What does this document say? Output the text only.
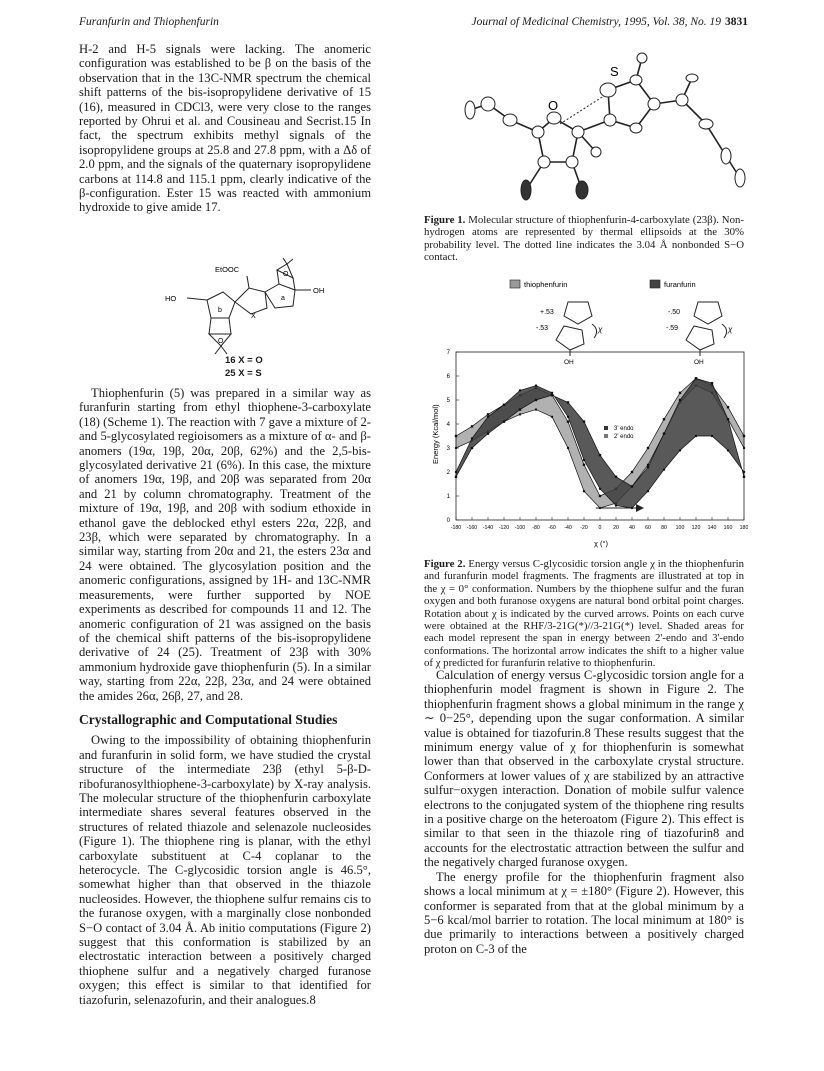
Furanfurin and Thiophenfurin	Journal of Medicinal Chemistry, 1995, Vol. 38, No. 19 3831

H-2 and H-5 signals were lacking. The anomeric configuration was established to be β on the basis of the observation that in the 13C-NMR spectrum the chemical shift patterns of the bis-isopropylidene derivative of 15 (16), measured in CDCl3, were very close to the ranges reported by Ohrui et al. and Cousineau and Secrist.15 In fact, the spectrum exhibits methyl signals of the isopropylidene groups at 25.8 and 27.8 ppm, with a Δδ of 2.0 ppm, and the signals of the quaternary isopropylidene carbons at 114.8 and 115.1 ppm, clearly indicative of the β-configuration. Ester 15 was reacted with ammonium hydroxide to give amide 17.

EtOOC
HO
OH
O
O
X
a
b
16 X = O
25 X = S

Thiophenfurin (5) was prepared in a similar way as furanfurin starting from ethyl thiophene-3-carboxylate (18) (Scheme 1). The reaction with 7 gave a mixture of 2- and 5-glycosylated regioisomers as a mixture of α- and β-anomers (19α, 19β, 20α, 20β, 62%) and the 2,5-bis-glycosylated derivative 21 (6%). In this case, the mixture of anomers 19α, 19β, and 20β was separated from 20α and 21 by column chromatography. Treatment of the mixture of 19α, 19β, and 20β with sodium ethoxide in ethanol gave the deblocked ethyl esters 22α, 22β, and 23β, which were separated by chromatography. In a similar way, starting from 20α and 21, the esters 23α and 24 were obtained. The glycosylation position and the anomeric configurations, assigned by 1H- and 13C-NMR measurements, were further supported by NOE experiments as described for compounds 11 and 12. The anomeric configuration of 21 was assigned on the basis of the chemical shift patterns of the bis-isopropylidene derivative of 24 (25). Treatment of 23β with 30% ammonium hydroxide gave thiophenfurin (5). In a similar way, starting from 22α, 22β, 23α, and 24 were obtained the amides 26α, 26β, 27, and 28.

Crystallographic and Computational Studies

Owing to the impossibility of obtaining thiophenfurin and furanfurin in solid form, we have studied the crystal structure of the intermediate 23β (ethyl 5-β-D-ribofuranosylthiophene-3-carboxylate) by X-ray analysis. The molecular structure of the thiophenfurin carboxylate intermediate shares several features observed in the structures of related thiazole and selenazole nucleosides (Figure 1). The thiophene ring is planar, with the ethyl carboxylate substituent at C-4 coplanar to the heterocycle. The C-glycosidic torsion angle is 46.5°, somewhat higher than that observed in the thiazole nucleosides. However, the thiophene sulfur remains cis to the furanose oxygen, with a marginally close nonbonded S−O contact of 3.04 Å. Ab initio computations (Figure 2) suggest that this conformation is stabilized by an electrostatic interaction between a positively charged thiophene sulfur and a negatively charged furanose oxygen; this effect is similar to that identified for tiazofurin, selenazofurin, and their analogues.8

S
O
Figure 1. Molecular structure of thiophenfurin-4-carboxylate (23β). Non-hydrogen atoms are represented by thermal ellipsoids at the 30% probability level. The dotted line indicates the 3.04 Å nonbonded S−O contact.
thiophenfurin	furanfurin
+.53
-.53
-.50
-.59
χ	χ
OH	OH
0
1
2
3
4
5
6
7
-180 -160 -140 -120 -100 -80 -60 -40 -20 0 20 40 60 80 100 120 140 160 180
3' endo
2' endo
Energy (Kcal/mol)
χ (°)
Figure 2. Energy versus C-glycosidic torsion angle χ in the thiophenfurin and furanfurin model fragments. The fragments are illustrated at top in the χ = 0° conformation. Numbers by the thiophene sulfur and the furan oxygen and both furanose oxygens are natural bond orbital point charges. Rotation about χ is indicated by the curved arrows. Points on each curve were obtained at the RHF/3-21G(*)//3-21G(*) level. Shaded areas for each model represent the span in energy between 2'-endo and 3'-endo conformations. The horizontal arrow indicates the shift to a higher value of χ predicted for furanfurin relative to thiophenfurin.

Calculation of energy versus C-glycosidic torsion angle for a thiophenfurin model fragment is shown in Figure 2. The thiophenfurin fragment shows a global minimum in the range χ ∼ 0−25°, depending upon the sugar conformation. A similar value is obtained for tiazofurin.8 These results suggest that the minimum energy value of χ for thiophenfurin is somewhat lower than that observed in the carboxylate crystal structure. Conformers at lower values of χ are stabilized by an attractive sulfur−oxygen interaction. Donation of mobile sulfur valence electrons to the conjugated system of the thiophene ring results in a positive charge on the heteroatom (Figure 2). This effect is similar to that seen in the thiazole ring of tiazofurin8 and accounts for the electrostatic attraction between the sulfur and the negatively charged furanose oxygen.

The energy profile for the thiophenfurin fragment also shows a local minimum at χ = ±180° (Figure 2). However, this conformer is separated from that at the global minimum by a 5−6 kcal/mol barrier to rotation. The local minimum at 180° is due primarily to interactions between a positively charged proton on C-3 of the
